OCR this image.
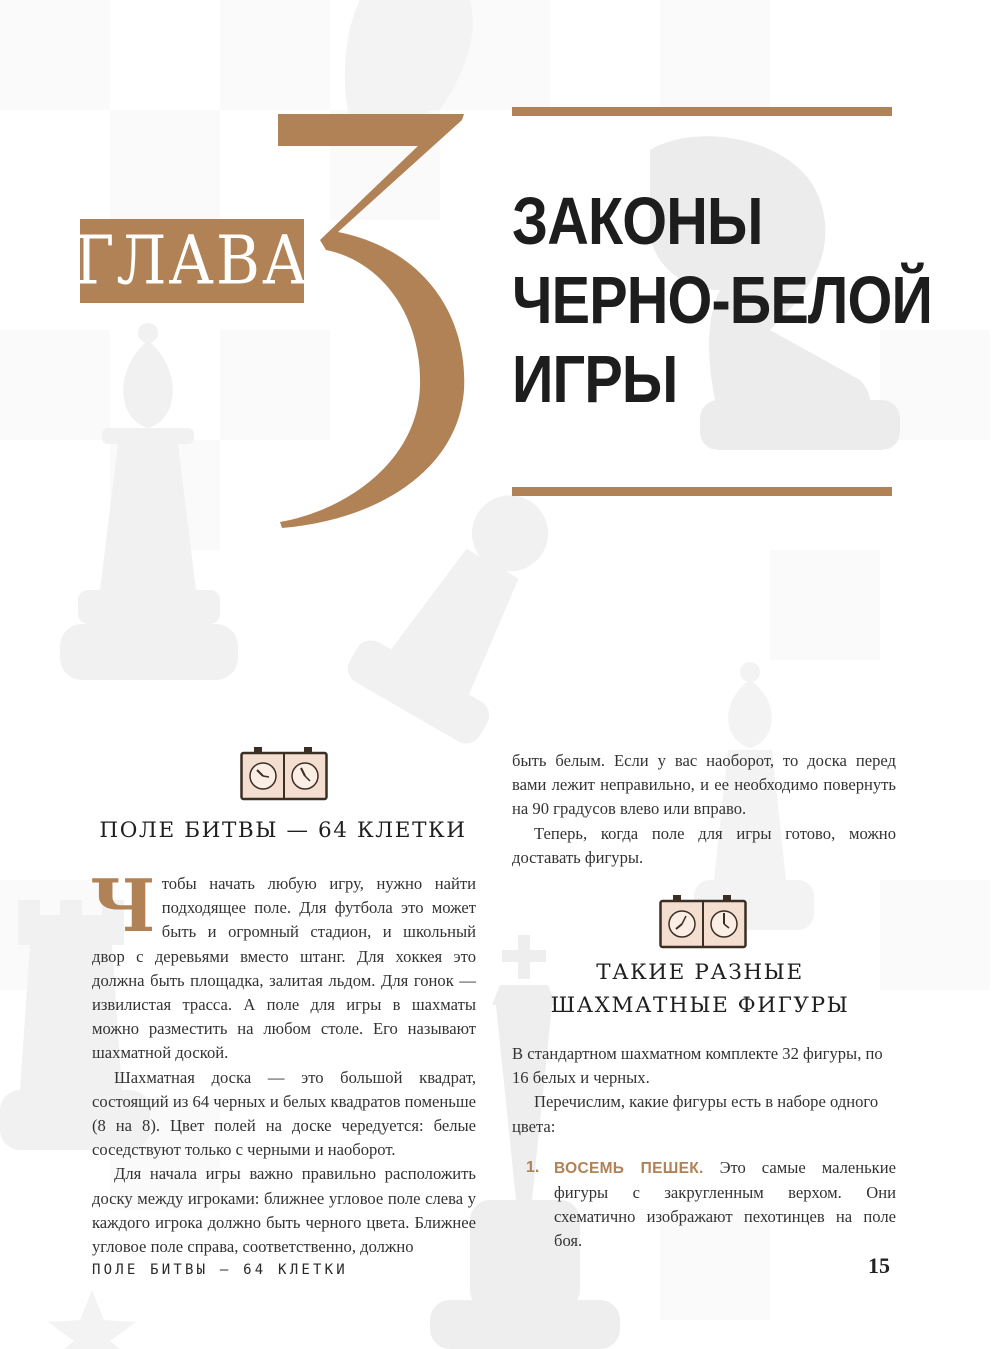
ГЛАВА
ЗАКОНЫ
ЧЕРНО-БЕЛОЙ
ИГРЫ
ПОЛЕ БИТВЫ — 64 КЛЕТКИ

Чтобы начать любую игру, нужно найти подходящее поле. Для футбола это может быть и огромный стадион, и школьный двор с деревьями вместо штанг. Для хоккея это должна быть площадка, залитая льдом. Для гонок — извилистая трасса. А поле для игры в шахматы можно разместить на любом столе. Его называют шахматной доской.

Шахматная доска — это большой квадрат, состоящий из 64 черных и белых квадратов поменьше (8 на 8). Цвет полей на доске чередуется: белые соседствуют только с черными и наоборот.

Для начала игры важно правильно расположить доску между игроками: ближнее угловое поле слева у каждого игрока должно быть черного цвета. Ближнее угловое поле справа, соответственно, должно

быть белым. Если у вас наоборот, то доска перед вами лежит неправильно, и ее необходимо повернуть на 90 градусов влево или вправо.

Теперь, когда поле для игры готово, можно доставать фигуры.

ТАКИЕ РАЗНЫЕ
ШАХМАТНЫЕ ФИГУРЫ

В стандартном шахматном комплекте 32 фигуры, по 16 белых и черных.

Перечислим, какие фигуры есть в наборе одного цвета:

1. ВОСЕМЬ ПЕШЕК. Это самые маленькие фигуры с закругленным верхом. Они схематично изображают пехотинцев на поле боя.
ПОЛЕ БИТВЫ — 64 КЛЕТКИ	15
